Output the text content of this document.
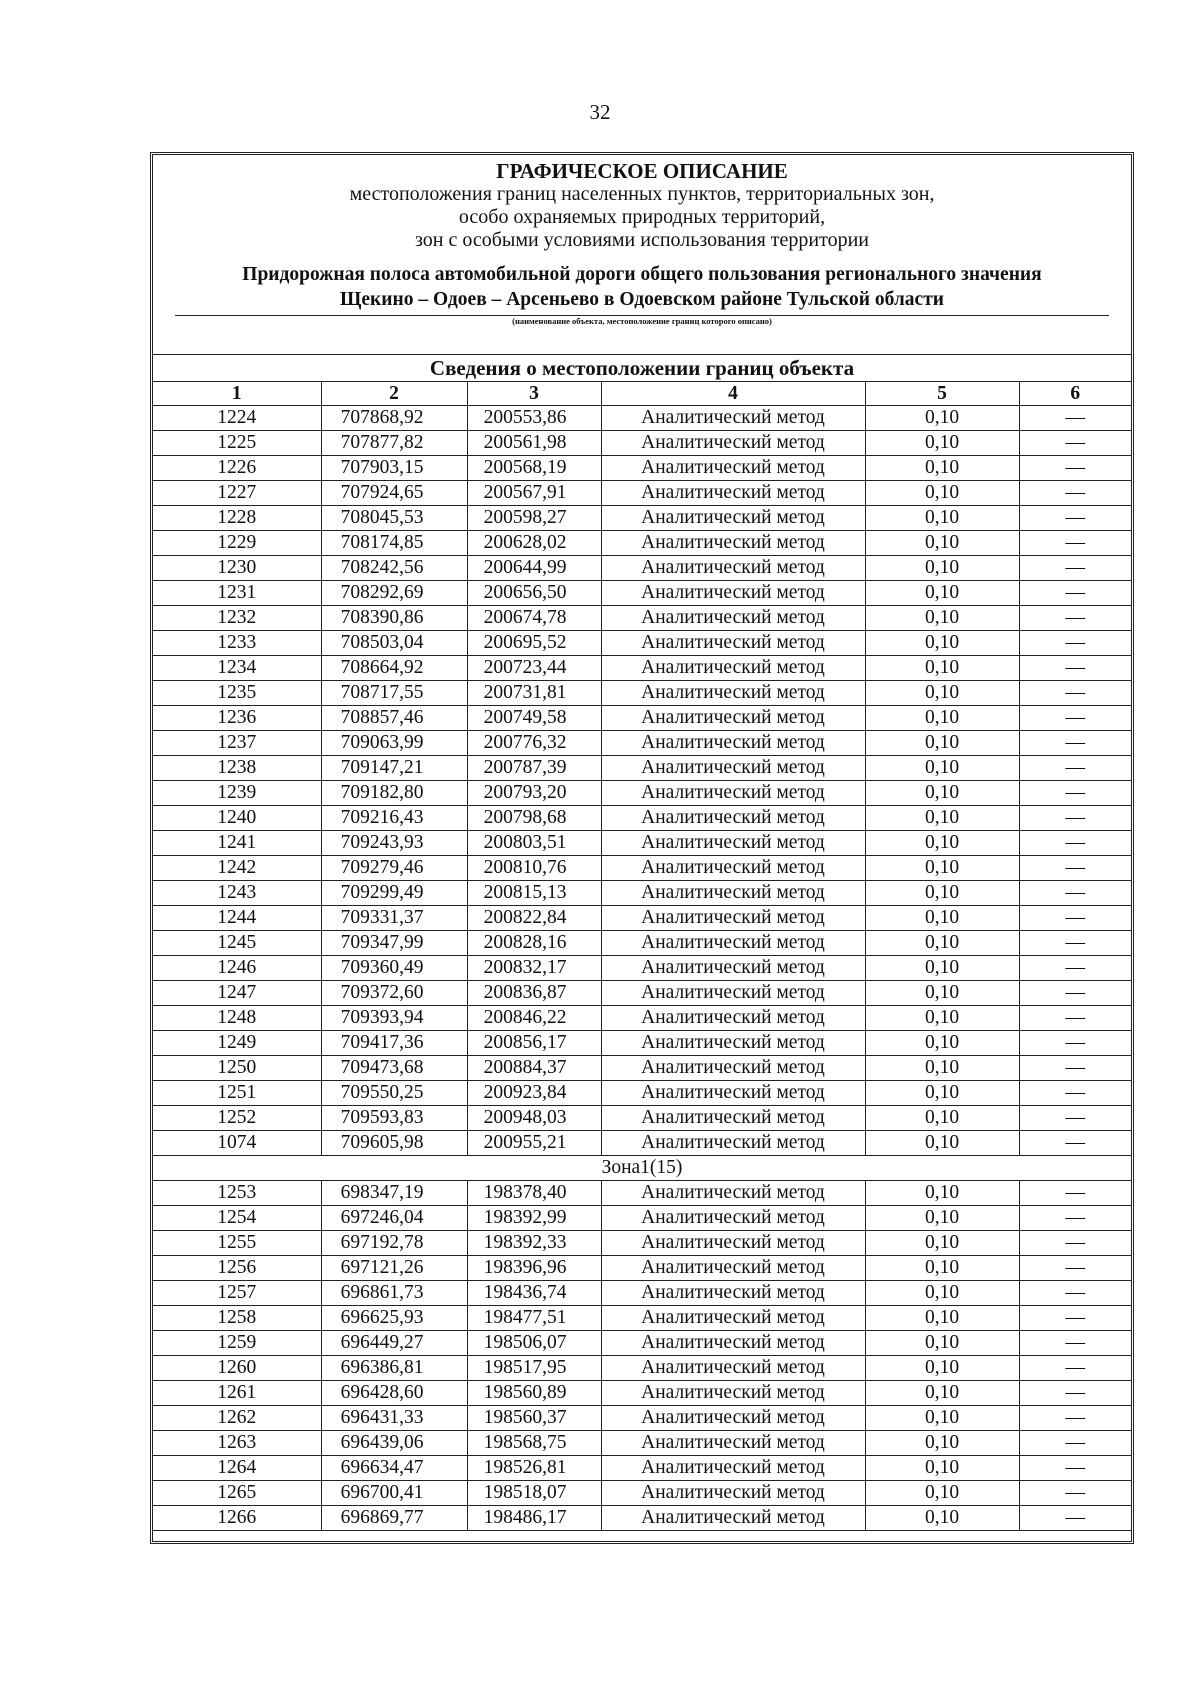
32
ГРАФИЧЕСКОЕ ОПИСАНИЕ
местоположения границ населенных пунктов, территориальных зон,
особо охраняемых природных территорий,
зон с особыми условиями использования территории
Придорожная полоса автомобильной дороги общего пользования регионального значения
Щекино – Одоев – Арсеньево в Одоевском районе Тульской области
(наименование объекта, местоположение границ которого описано)
Сведения о местоположении границ объекта
1	2	3	4	5	6
1224	707868,92	200553,86	Аналитический метод	0,10	—
1225	707877,82	200561,98	Аналитический метод	0,10	—
1226	707903,15	200568,19	Аналитический метод	0,10	—
1227	707924,65	200567,91	Аналитический метод	0,10	—
1228	708045,53	200598,27	Аналитический метод	0,10	—
1229	708174,85	200628,02	Аналитический метод	0,10	—
1230	708242,56	200644,99	Аналитический метод	0,10	—
1231	708292,69	200656,50	Аналитический метод	0,10	—
1232	708390,86	200674,78	Аналитический метод	0,10	—
1233	708503,04	200695,52	Аналитический метод	0,10	—
1234	708664,92	200723,44	Аналитический метод	0,10	—
1235	708717,55	200731,81	Аналитический метод	0,10	—
1236	708857,46	200749,58	Аналитический метод	0,10	—
1237	709063,99	200776,32	Аналитический метод	0,10	—
1238	709147,21	200787,39	Аналитический метод	0,10	—
1239	709182,80	200793,20	Аналитический метод	0,10	—
1240	709216,43	200798,68	Аналитический метод	0,10	—
1241	709243,93	200803,51	Аналитический метод	0,10	—
1242	709279,46	200810,76	Аналитический метод	0,10	—
1243	709299,49	200815,13	Аналитический метод	0,10	—
1244	709331,37	200822,84	Аналитический метод	0,10	—
1245	709347,99	200828,16	Аналитический метод	0,10	—
1246	709360,49	200832,17	Аналитический метод	0,10	—
1247	709372,60	200836,87	Аналитический метод	0,10	—
1248	709393,94	200846,22	Аналитический метод	0,10	—
1249	709417,36	200856,17	Аналитический метод	0,10	—
1250	709473,68	200884,37	Аналитический метод	0,10	—
1251	709550,25	200923,84	Аналитический метод	0,10	—
1252	709593,83	200948,03	Аналитический метод	0,10	—
1074	709605,98	200955,21	Аналитический метод	0,10	—
Зона1(15)					
1253	698347,19	198378,40	Аналитический метод	0,10	—
1254	697246,04	198392,99	Аналитический метод	0,10	—
1255	697192,78	198392,33	Аналитический метод	0,10	—
1256	697121,26	198396,96	Аналитический метод	0,10	—
1257	696861,73	198436,74	Аналитический метод	0,10	—
1258	696625,93	198477,51	Аналитический метод	0,10	—
1259	696449,27	198506,07	Аналитический метод	0,10	—
1260	696386,81	198517,95	Аналитический метод	0,10	—
1261	696428,60	198560,89	Аналитический метод	0,10	—
1262	696431,33	198560,37	Аналитический метод	0,10	—
1263	696439,06	198568,75	Аналитический метод	0,10	—
1264	696634,47	198526,81	Аналитический метод	0,10	—
1265	696700,41	198518,07	Аналитический метод	0,10	—
1266	696869,77	198486,17	Аналитический метод	0,10	—
